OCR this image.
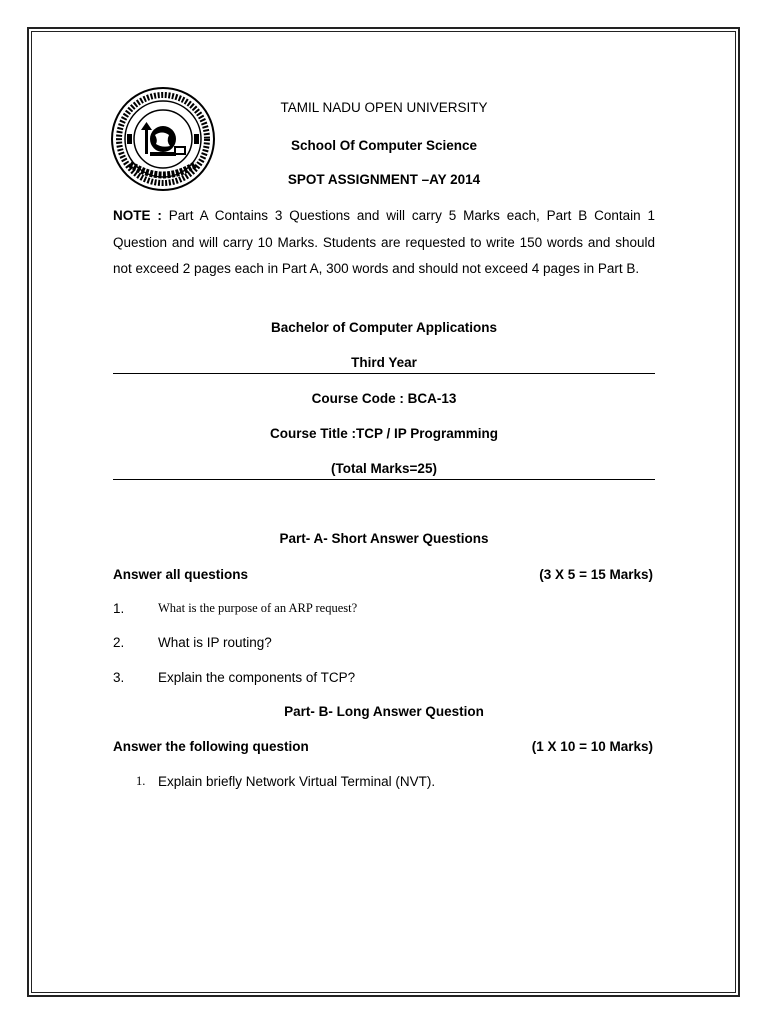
TAMIL NADU OPEN UNIVERSITY
School Of Computer Science
SPOT ASSIGNMENT –AY 2014
NOTE : Part A Contains 3 Questions and will carry 5 Marks each, Part B Contain 1 Question and will carry 10 Marks. Students are requested to write 150 words and should not exceed 2 pages each in Part A, 300 words and should not exceed 4 pages in Part B.
Bachelor of Computer Applications
Third Year
Course Code : BCA-13
Course Title :TCP / IP Programming
(Total Marks=25)
Part- A- Short Answer Questions
Answer all questions	(3 X 5 = 15 Marks)
1.	What is the purpose of an ARP request?
2. What is IP routing?
3. Explain the components of TCP?
Part- B- Long Answer Question
Answer the following question	(1 X 10 = 10 Marks)
1. Explain briefly Network Virtual Terminal (NVT).
